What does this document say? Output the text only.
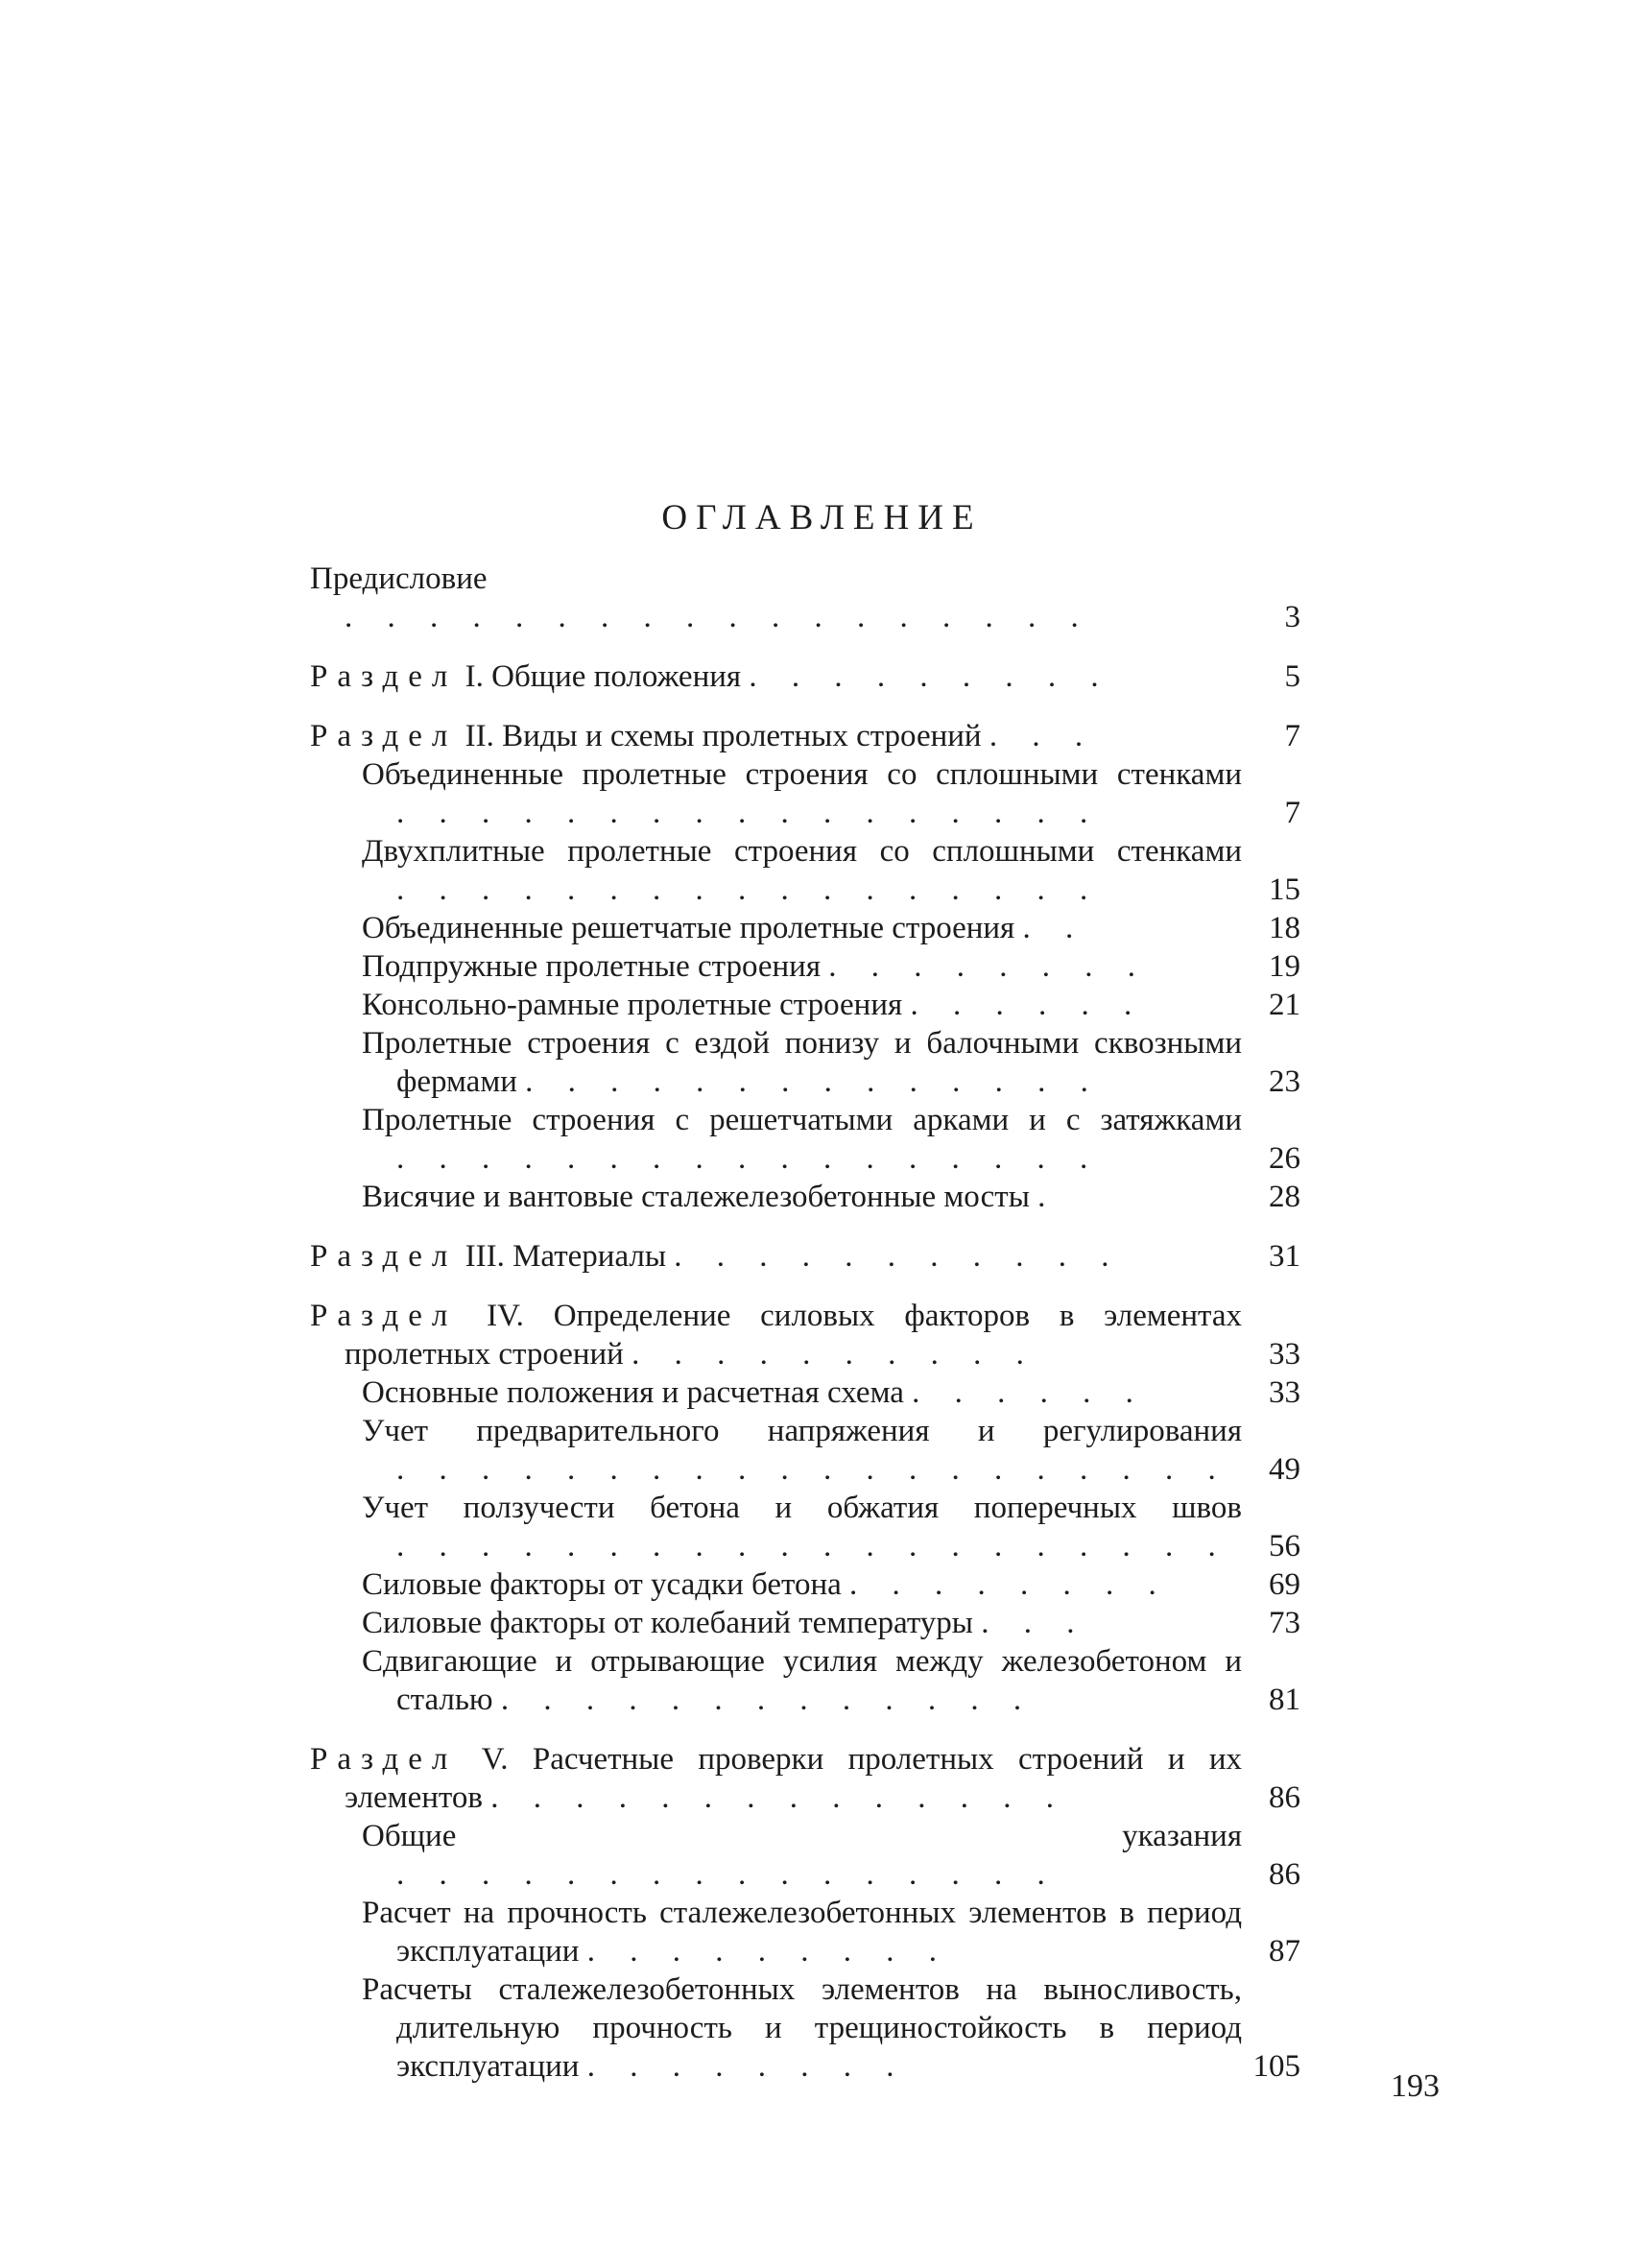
ОГЛАВЛЕНИЕ
Предисловие . . . . . . . . . . . . . . . . . .	3
Раздел I. Общие положения . . . . . . . . .	5
Раздел II. Виды и схемы пролетных строений . . .	7
Объединенные пролетные строения со сплошными стенками . . . . . . . . . . . . . . . . .	7
Двухплитные пролетные строения со сплошными стенками . . . . . . . . . . . . . . . . .	15
Объединенные решетчатые пролетные строения . .	18
Подпружные пролетные строения . . . . . . . .	19
Консольно-рамные пролетные строения . . . . . .	21
Пролетные строения с ездой понизу и балочными сквозными фермами . . . . . . . . . . . . . .	23
Пролетные строения с решетчатыми арками и с затяжками . . . . . . . . . . . . . . . . .	26
Висячие и вантовые сталежелезобетонные мосты .	28
Раздел III. Материалы . . . . . . . . . . .	31
Раздел IV. Определение силовых факторов в элементах пролетных строений . . . . . . . . . .	33
Основные положения и расчетная схема . . . . . .	33
Учет предварительного напряжения и регулирования . . . . . . . . . . . . . . . . . . . .	49
Учет ползучести бетона и обжатия поперечных швов . . . . . . . . . . . . . . . . . . . .	56
Силовые факторы от усадки бетона . . . . . . . .	69
Силовые факторы от колебаний температуры . . .	73
Сдвигающие и отрывающие усилия между железобетоном и сталью . . . . . . . . . . . . .	81
Раздел V. Расчетные проверки пролетных строений и их элементов . . . . . . . . . . . . . .	86
Общие указания . . . . . . . . . . . . . . . .	86
Расчет на прочность сталежелезобетонных элементов в период эксплуатации . . . . . . . . .	87
Расчеты сталежелезобетонных элементов на выносливость, длительную прочность и трещиностойкость в период эксплуатации . . . . . . . .	105
193
